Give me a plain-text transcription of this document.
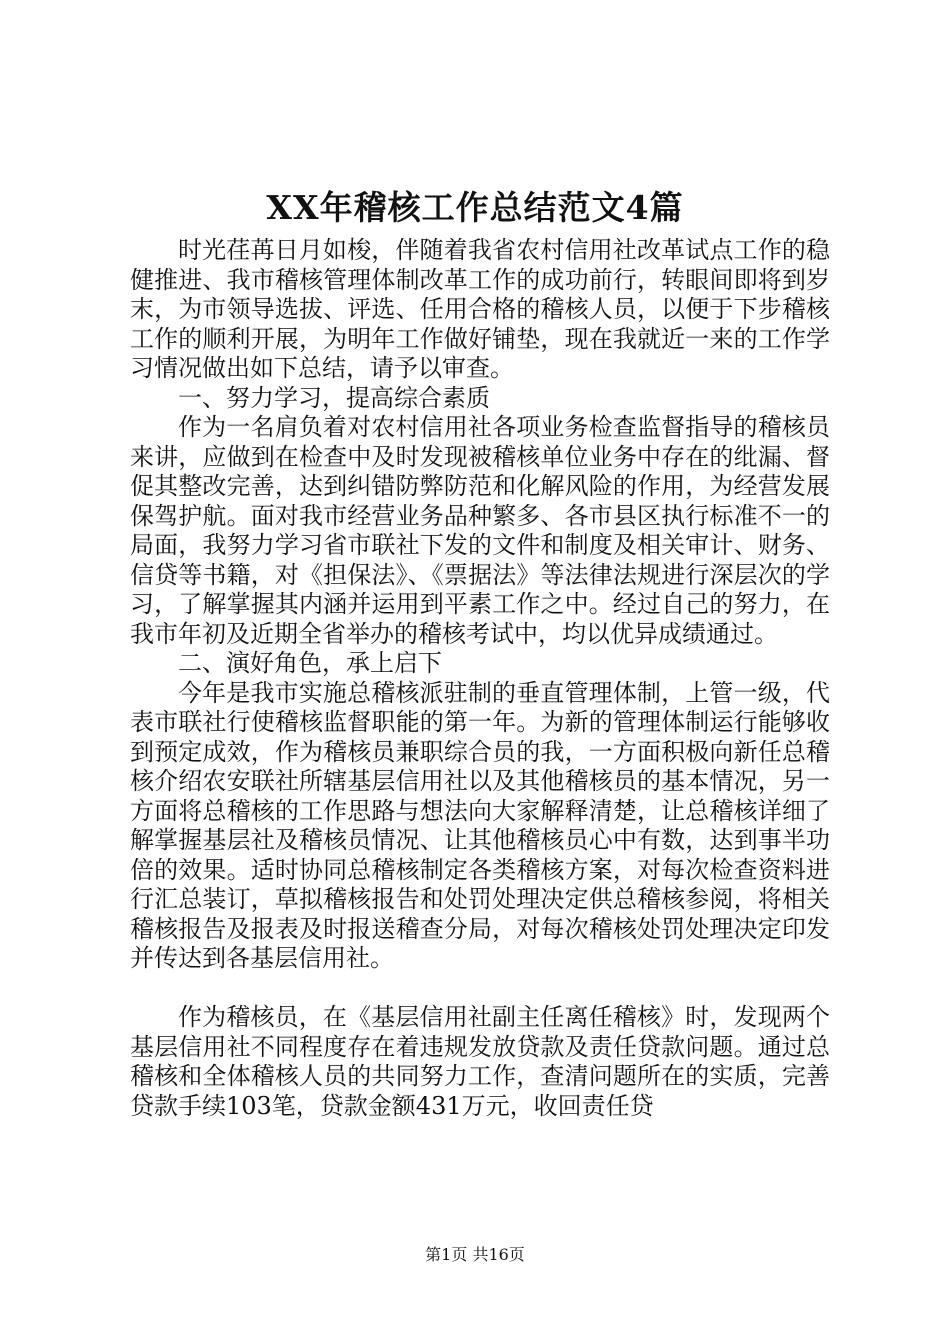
XX年稽核工作总结范文4篇

时光荏苒日月如梭，伴随着我省农村信用社改革试点工作的稳健推进、我市稽核管理体制改革工作的成功前行，转眼间即将到岁末，为市领导选拔、评选、任用合格的稽核人员，以便于下步稽核工作的顺利开展，为明年工作做好铺垫，现在我就近一来的工作学习情况做出如下总结，请予以审查。

一、努力学习，提高综合素质

作为一名肩负着对农村信用社各项业务检查监督指导的稽核员来讲，应做到在检查中及时发现被稽核单位业务中存在的纰漏、督促其整改完善，达到纠错防弊防范和化解风险的作用，为经营发展保驾护航。面对我市经营业务品种繁多、各市县区执行标准不一的局面，我努力学习省市联社下发的文件和制度及相关审计、财务、信贷等书籍，对《担保法》、《票据法》等法律法规进行深层次的学习，了解掌握其内涵并运用到平素工作之中。经过自己的努力，在我市年初及近期全省举办的稽核考试中，均以优异成绩通过。

二、演好角色，承上启下

今年是我市实施总稽核派驻制的垂直管理体制，上管一级，代表市联社行使稽核监督职能的第一年。为新的管理体制运行能够收到预定成效，作为稽核员兼职综合员的我，一方面积极向新任总稽核介绍农安联社所辖基层信用社以及其他稽核员的基本情况，另一方面将总稽核的工作思路与想法向大家解释清楚，让总稽核详细了解掌握基层社及稽核员情况、让其他稽核员心中有数，达到事半功倍的效果。适时协同总稽核制定各类稽核方案，对每次检查资料进行汇总装订，草拟稽核报告和处罚处理决定供总稽核参阅，将相关稽核报告及报表及时报送稽查分局，对每次稽核处罚处理决定印发并传达到各基层信用社。

作为稽核员，在《基层信用社副主任离任稽核》时，发现两个基层信用社不同程度存在着违规发放贷款及责任贷款问题。通过总稽核和全体稽核人员的共同努力工作，查清问题所在的实质，完善贷款手续103笔，贷款金额431万元，收回责任贷

第1页 共16页
